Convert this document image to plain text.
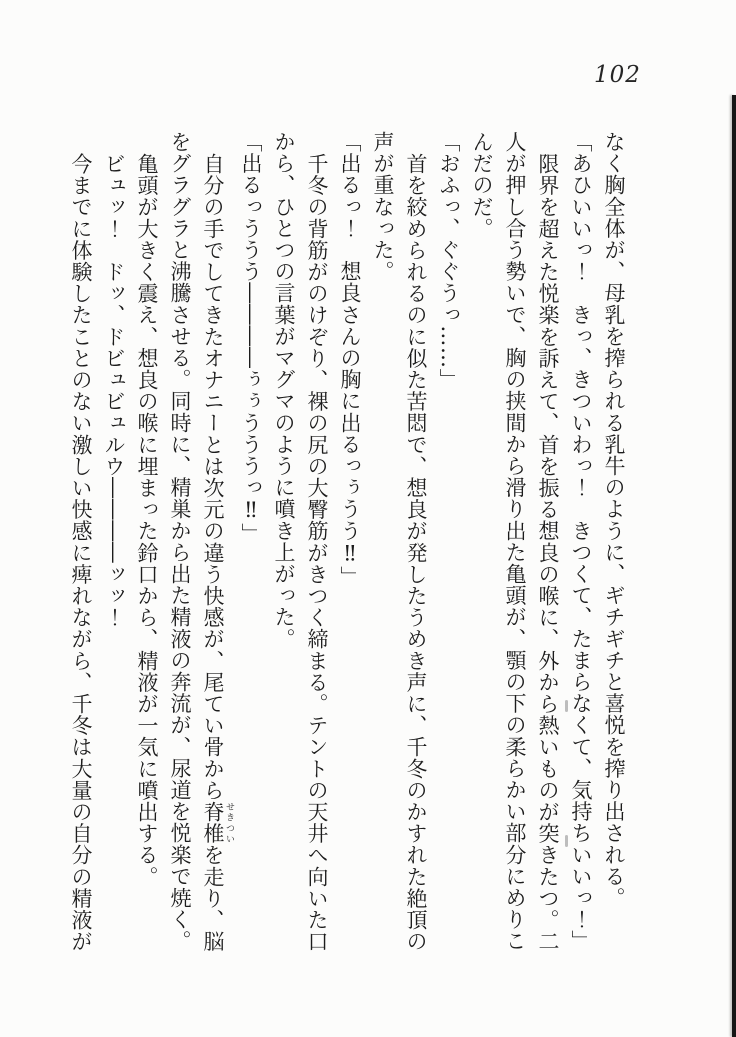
102
なく胸全体が、母乳を搾られる乳牛のように、ギチギチと喜悦を搾り出される。
「あひいいっ！　きっ、きついわっ！　きつくて、たまらなくて、気持ちいいっ！」
限界を超えた悦楽を訴えて、首を振る想良の喉に、外から熱いものが突きたつ。二
人が押し合う勢いで、胸の挟間から滑り出た亀頭が、顎の下の柔らかい部分にめりこ
んだのだ。
「おふっ、ぐぐうっ……」
首を絞められるのに似た苦悶で、想良が発したうめき声に、千冬のかすれた絶頂の
声が重なった。
「出るっ！　想良さんの胸に出るっぅうう‼」
千冬の背筋がのけぞり、裸の尻の大臀筋がきつく締まる。テントの天井へ向いた口
から、ひとつの言葉がマグマのように噴き上がった。
「出るっううう――――ぅぅうううっ‼」
自分の手でしてきたオナニーとは次元の違う快感が、尾てい骨から脊椎 せきついを走り、脳
をグラグラと沸騰させる。同時に、精巣から出た精液の奔流が、尿道を悦楽で焼く。
亀頭が大きく震え、想良の喉に埋まった鈴口から、精液が一気に噴出する。
ビュッ！　ドッ、ドビュビュルウ――――ッッ！
今までに体験したことのない激しい快感に痺れながら、千冬は大量の自分の精液が
